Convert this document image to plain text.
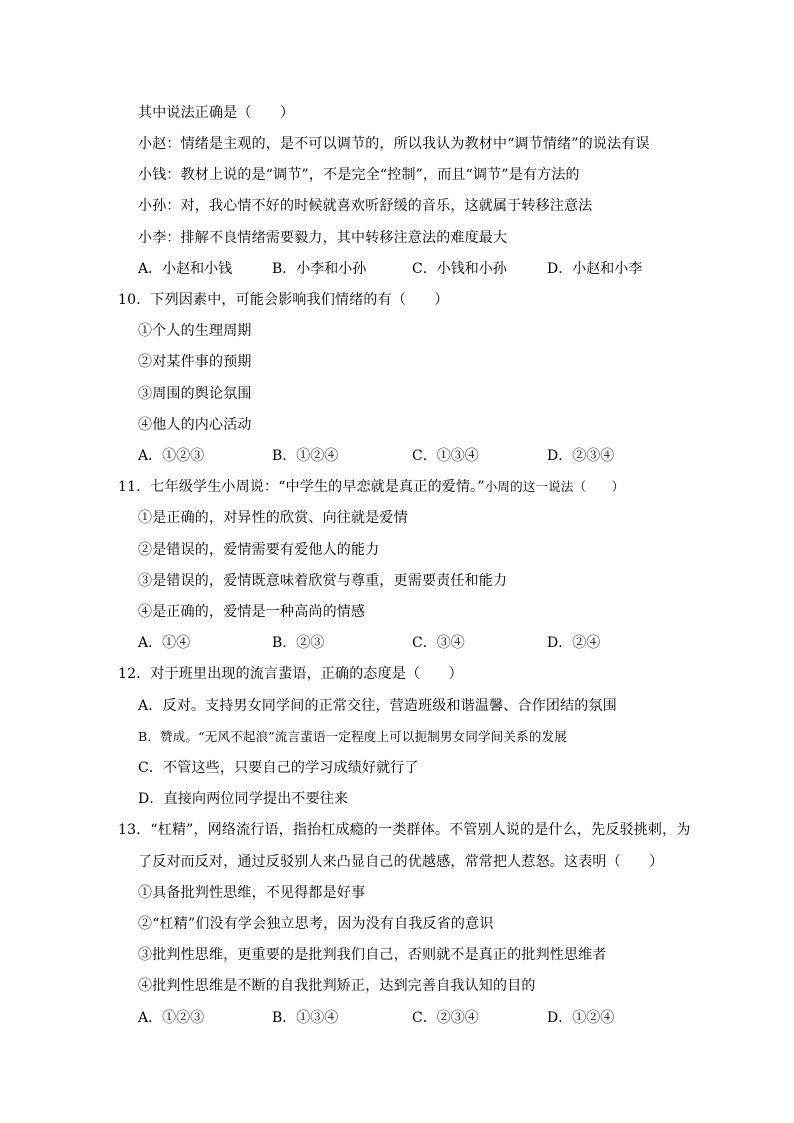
其中说法正确是（　　）
小赵：情绪是主观的，是不可以调节的，所以我认为教材中“调节情绪”的说法有误
小钱：教材上说的是“调节”，不是完全“控制”，而且“调节”是有方法的
小孙：对，我心情不好的时候就喜欢听舒缓的音乐，这就属于转移注意法
小李：排解不良情绪需要毅力，其中转移注意法的难度最大
A．小赵和小钱	B．小李和小孙	C．小钱和小孙	D．小赵和小李
10．下列因素中，可能会影响我们情绪的有（　　）
①个人的生理周期
②对某件事的预期
③周围的舆论氛围
④他人的内心活动
A．①②③	B．①②④	C．①③④	D．②③④
11．七年级学生小周说：“中学生的早恋就是真正的爱情。”小周的这一说法（　　）
①是正确的，对异性的欣赏、向往就是爱情
②是错误的，爱情需要有爱他人的能力
③是错误的，爱情既意味着欣赏与尊重，更需要责任和能力
④是正确的，爱情是一种高尚的情感
A．①④	B．②③	C．③④	D．②④
12．对于班里出现的流言蜚语，正确的态度是（　　）
A．反对。支持男女同学间的正常交往，营造班级和谐温馨、合作团结的氛围
B．赞成。“无风不起浪”流言蜚语一定程度上可以扼制男女同学间关系的发展
C．不管这些，只要自己的学习成绩好就行了
D．直接向两位同学提出不要往来
13．“杠精”，网络流行语，指抬杠成瘾的一类群体。不管别人说的是什么，先反驳挑刺，为
了反对而反对，通过反驳别人来凸显自己的优越感，常常把人惹怒。这表明（　　）
①具备批判性思维，不见得都是好事
②“杠精”们没有学会独立思考，因为没有自我反省的意识
③批判性思维，更重要的是批判我们自己，否则就不是真正的批判性思维者
④批判性思维是不断的自我批判矫正，达到完善自我认知的目的
A．①②③	B．①③④	C．②③④	D．①②④
